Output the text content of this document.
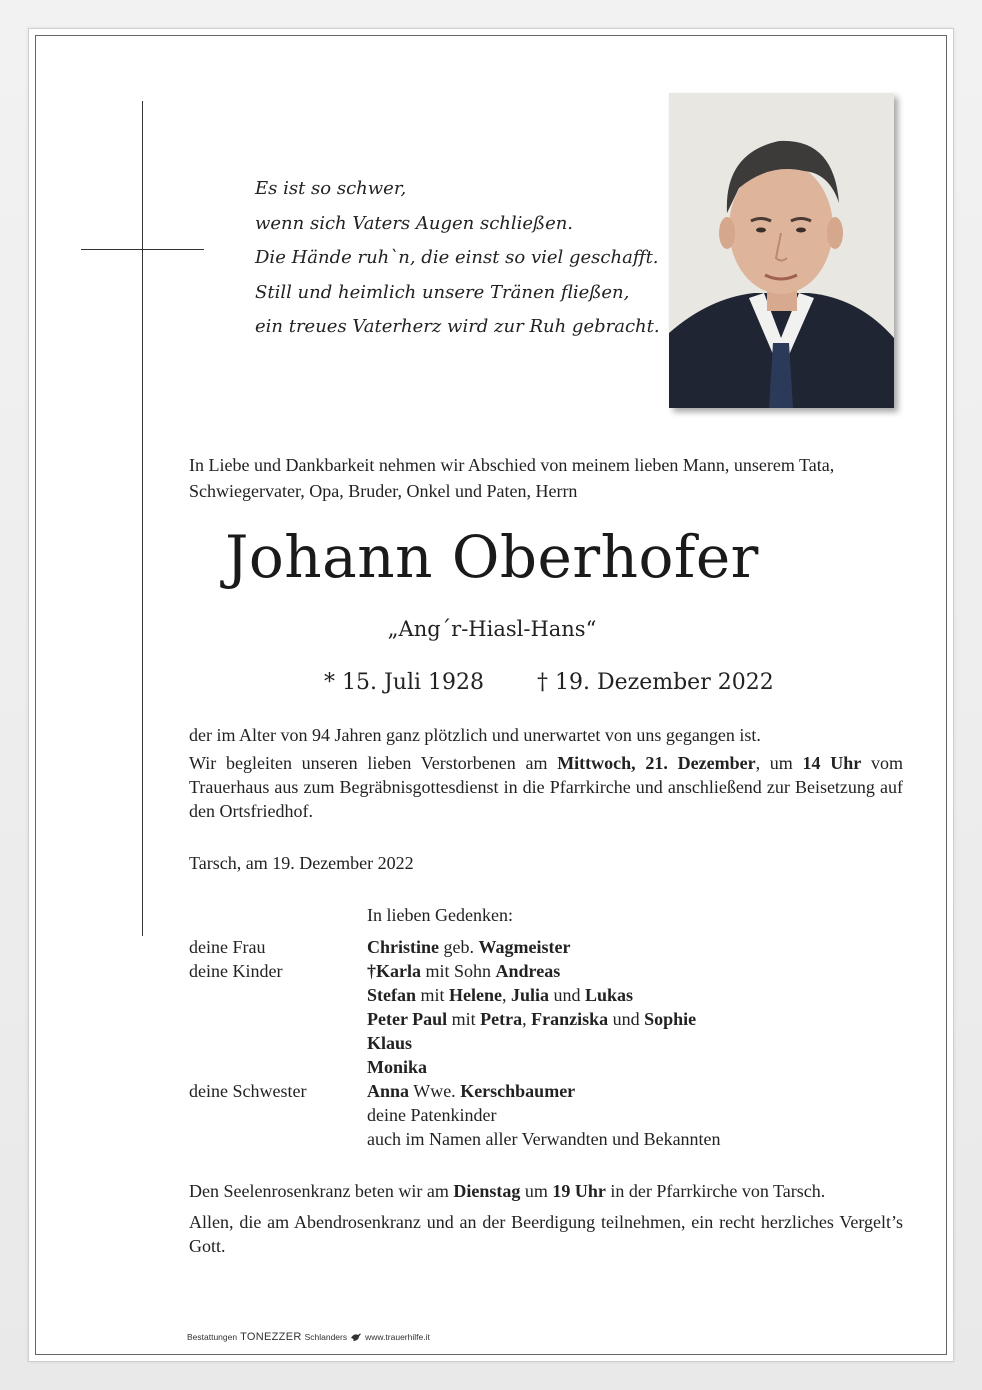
Es ist so schwer,
wenn sich Vaters Augen schließen.
Die Hände ruh`n, die einst so viel geschafft.
Still und heimlich unsere Tränen fließen,
ein treues Vaterherz wird zur Ruh gebracht.
In Liebe und Dankbarkeit nehmen wir Abschied von meinem lieben Mann, unserem Tata, Schwiegervater, Opa, Bruder, Onkel und Paten, Herrn
Johann Oberhofer
„Ang´r-Hiasl-Hans“
* 15. Juli 1928 † 19. Dezember 2022
der im Alter von 94 Jahren ganz plötzlich und unerwartet von uns gegangen ist.
Wir begleiten unseren lieben Verstorbenen am Mittwoch, 21. Dezember, um 14 Uhr vom Trauerhaus aus zum Begräbnisgottesdienst in die Pfarrkirche und anschließend zur Beisetzung auf den Ortsfriedhof.
Tarsch, am 19. Dezember 2022
In lieben Gedenken:
deine Frau	Christine geb. Wagmeister
deine Kinder	†Karla mit Sohn Andreas
Stefan mit Helene, Julia und Lukas
Peter Paul mit Petra, Franziska und Sophie
Klaus
Monika
deine Schwester	Anna Wwe. Kerschbaumer
deine Patenkinder
auch im Namen aller Verwandten und Bekannten
Den Seelenrosenkranz beten wir am Dienstag um 19 Uhr in der Pfarrkirche von Tarsch.
Allen, die am Abendrosenkranz und an der Beerdigung teilnehmen, ein recht herzliches Vergelt’s Gott.
Bestattungen TONEZZER Schlanders www.trauerhilfe.it
